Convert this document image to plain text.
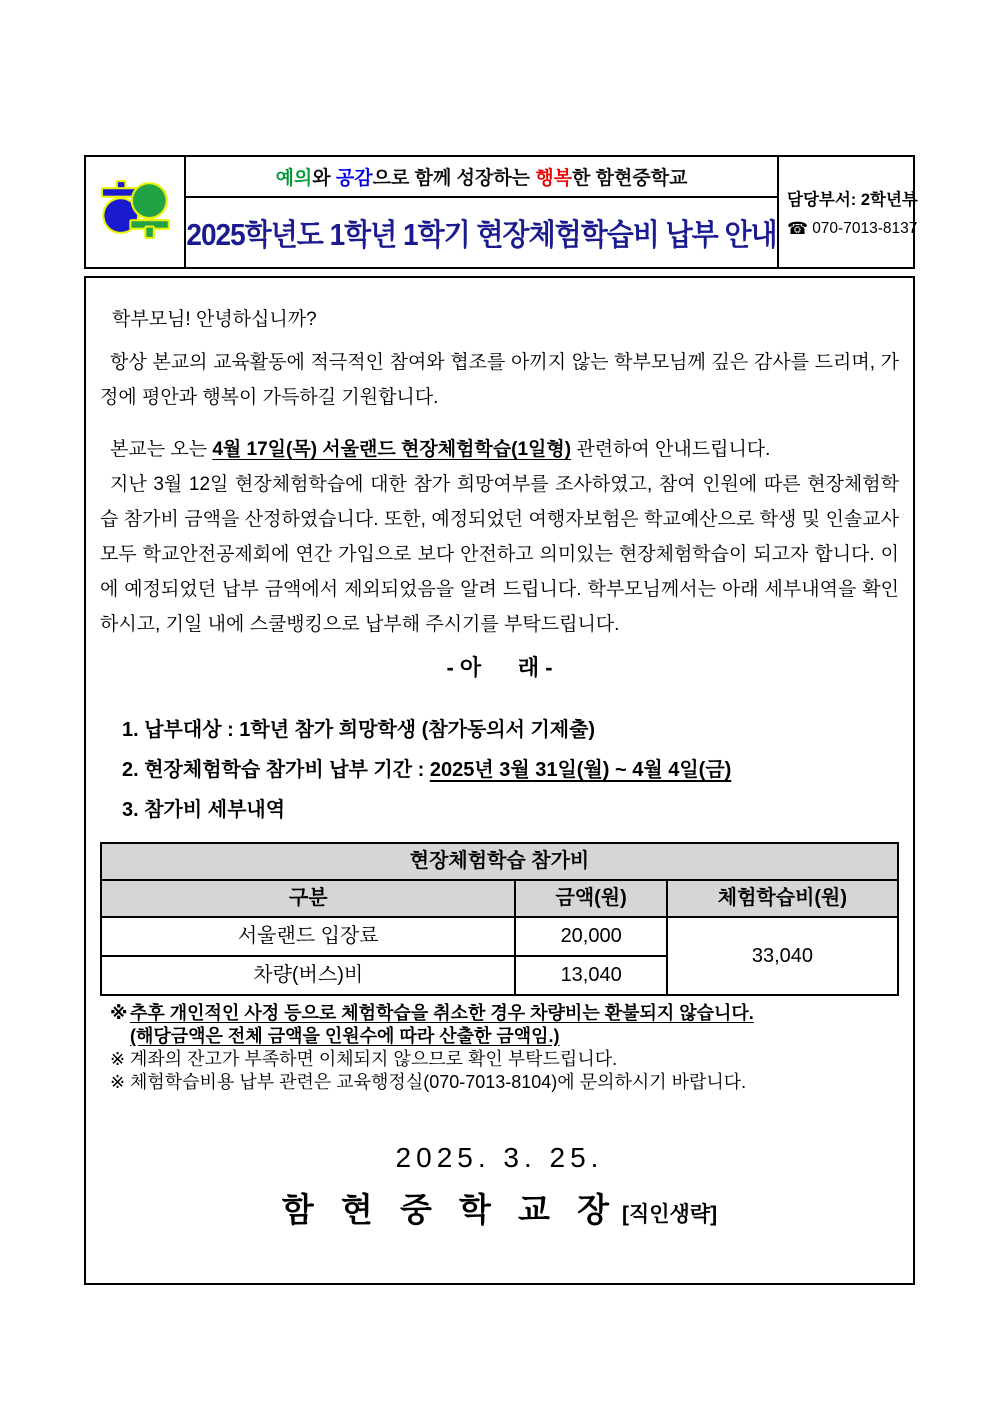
예의 와 공감 으로 함께 성장하는 행복 한 함현중학교
2025학년도 1학년 1학기 현장체험학습비 납부 안내
담당부서: 2학년부
☎ 070-7013-8137

학부모님! 안녕하십니까?

항상 본교의 교육활동에 적극적인 참여와 협조를 아끼지 않는 학부모님께 깊은 감사를 드리며, 가정에 평안과 행복이 가득하길 기원합니다.

본교는 오는 4월 17일(목) 서울랜드 현장체험학습(1일형) 관련하여 안내드립니다.

지난 3월 12일 현장체험학습에 대한 참가 희망여부를 조사하였고, 참여 인원에 따른 현장체험학습 참가비 금액을 산정하였습니다. 또한, 예정되었던 여행자보험은 학교예산으로 학생 및 인솔교사 모두 학교안전공제회에 연간 가입으로 보다 안전하고 의미있는 현장체험학습이 되고자 합니다. 이에 예정되었던 납부 금액에서 제외되었음을 알려 드립니다. 학부모님께서는 아래 세부내역을 확인하시고, 기일 내에 스쿨뱅킹으로 납부해 주시기를 부탁드립니다.

- 아      래 -
1. 납부대상 : 1학년 참가 희망학생 (참가동의서 기제출)
2. 현장체험학습 참가비 납부 기간 : 2025년 3월 31일(월) ~ 4월 4일(금)
3. 참가비 세부내역
현장체험학습 참가비		
구분	금액(원)	체험학습비(원)
서울랜드 입장료	20,000	33,040
차량(버스)비	13,040	
※ 추후 개인적인 사정 등으로 체험학습을 취소한 경우 차량비는 환불되지 않습니다.
(해당금액은 전체 금액을 인원수에 따라 산출한 금액임.)
※ 계좌의 잔고가 부족하면 이체되지 않으므로 확인 부탁드립니다.
※ 체험학습비용 납부 관련은 교육행정실(070-7013-8104)에 문의하시기 바랍니다.
2025. 3. 25.
함 현 중 학 교 장 [직인생략]
